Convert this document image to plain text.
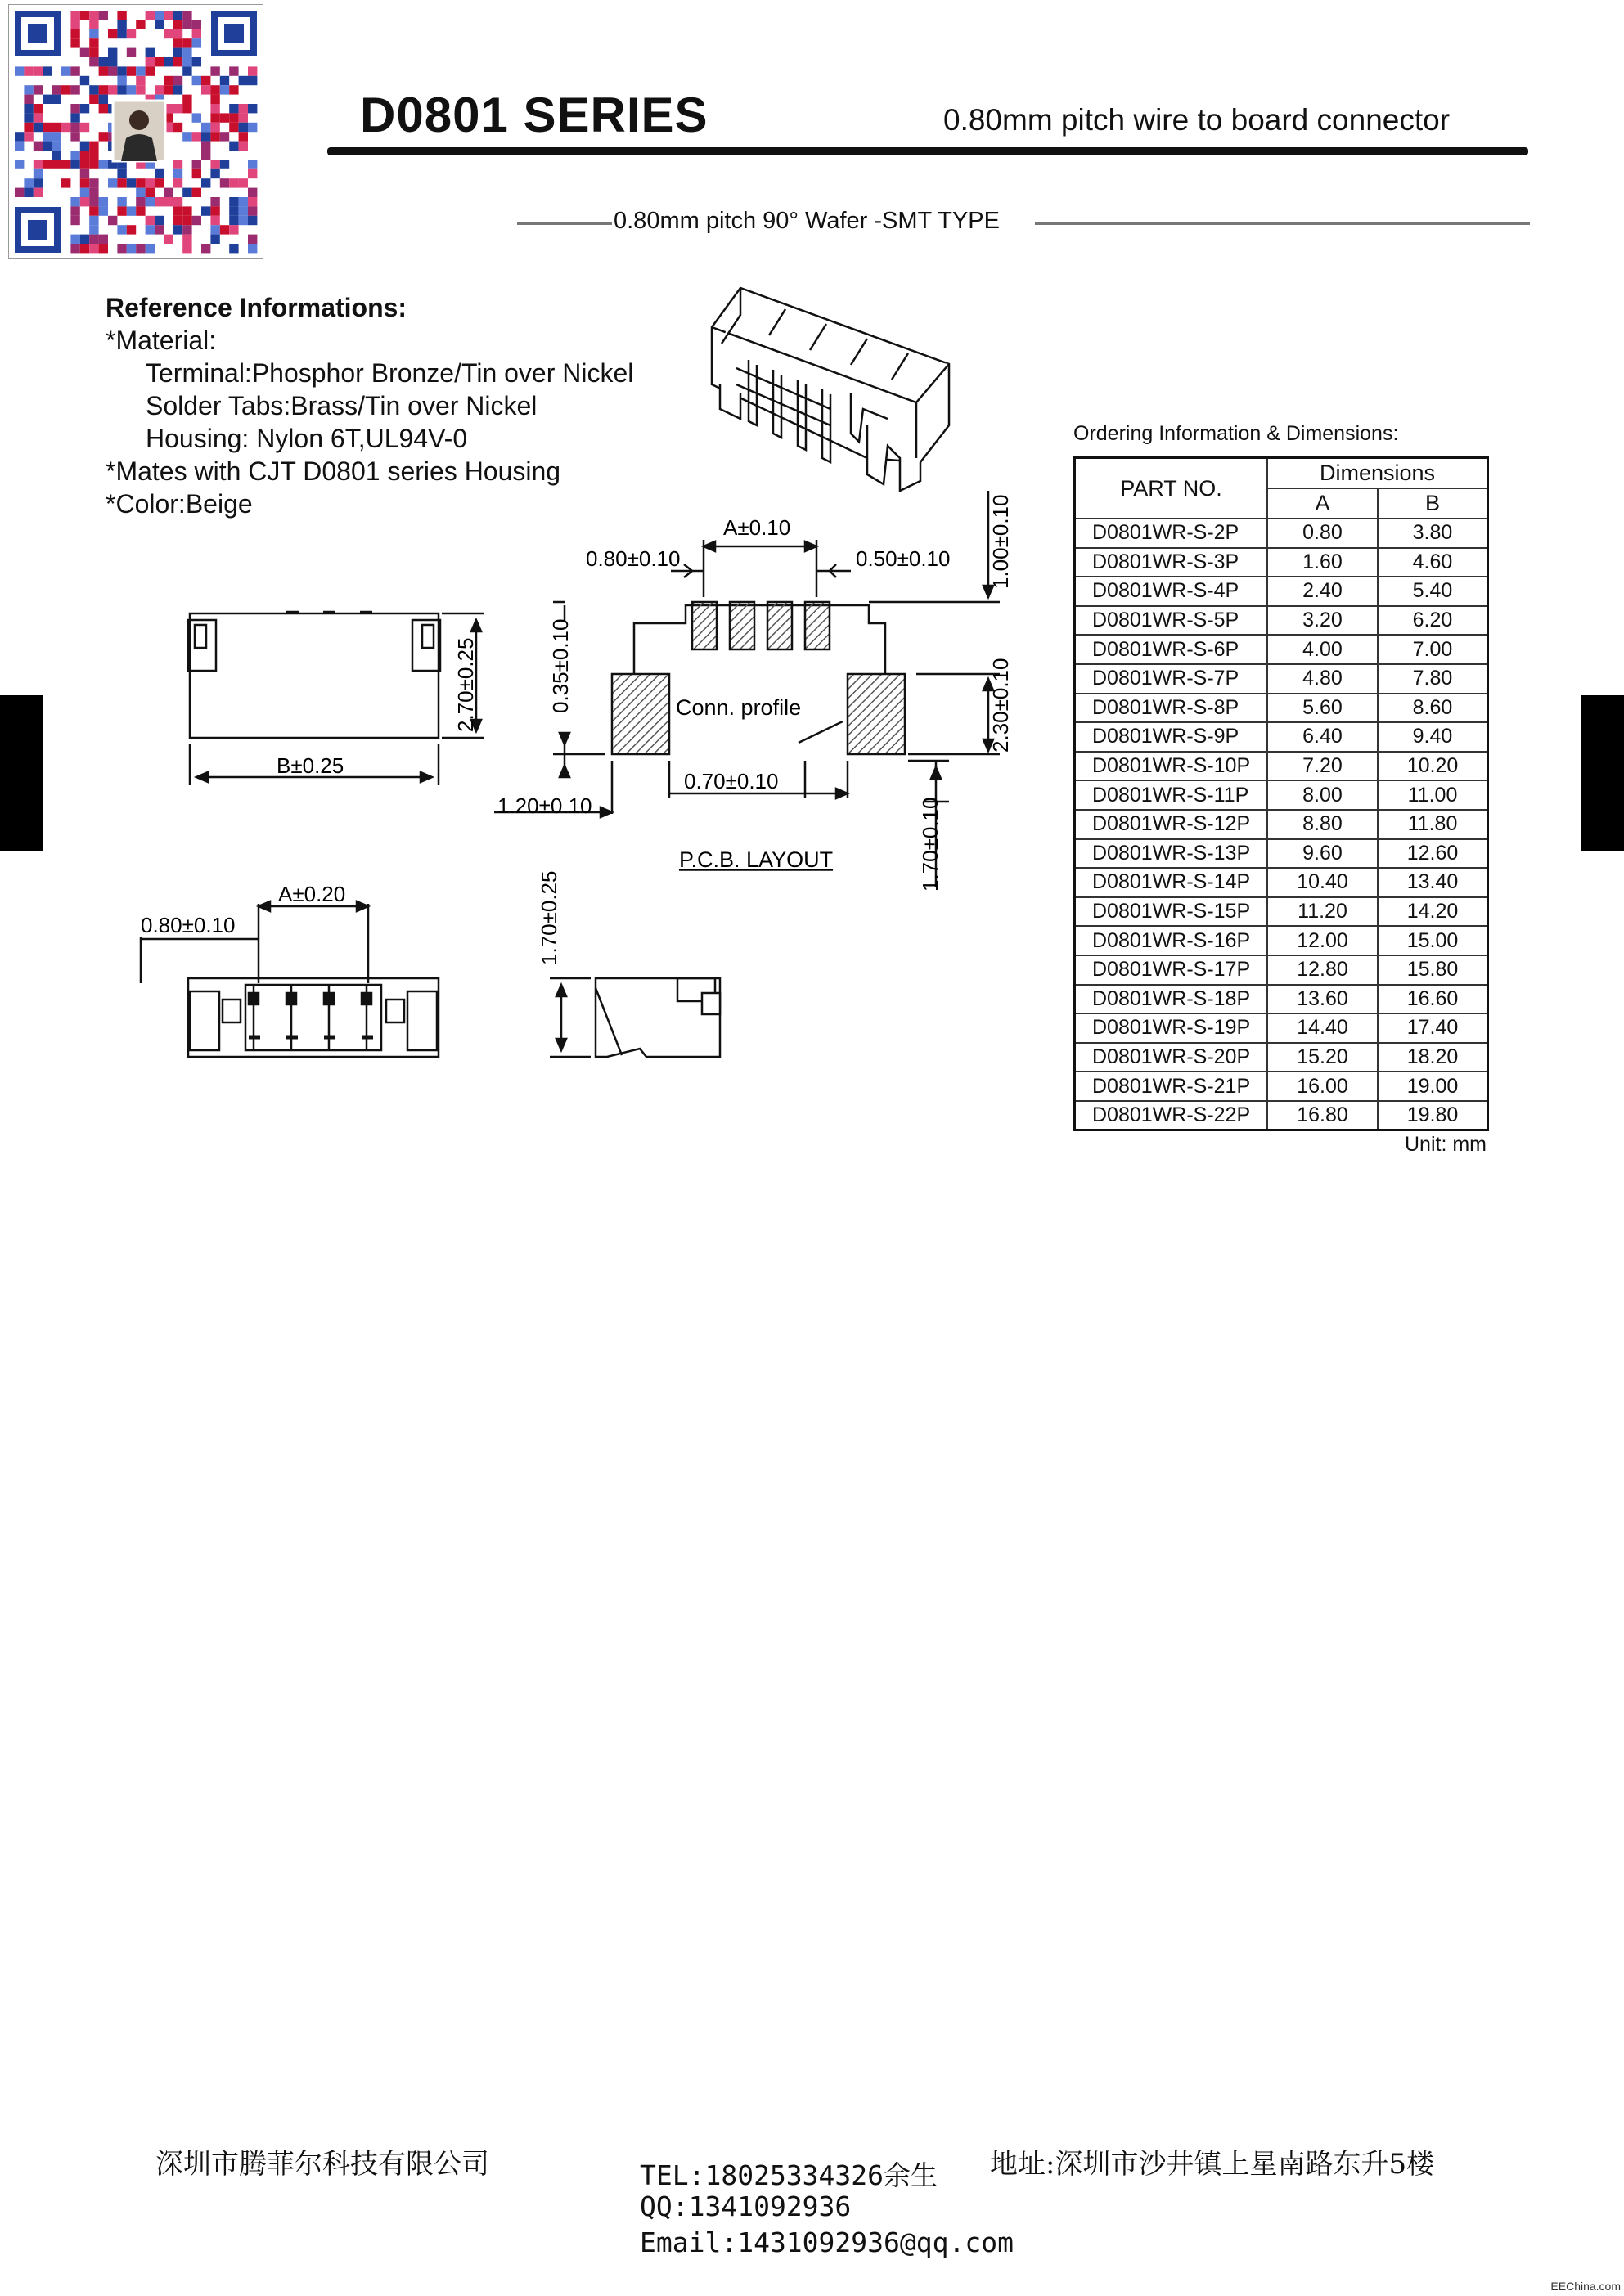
D0801 SERIES	0.80mm pitch wire to board connector
0.80mm pitch 90° Wafer -SMT TYPE
Reference Informations:
*Material:
Terminal:Phosphor Bronze/Tin over Nickel
Solder Tabs:Brass/Tin over Nickel
Housing: Nylon 6T,UL94V-0
*Mates with CJT D0801 series Housing
*Color:Beige
B±0.25
2.70±0.25
A±0.20
0.80±0.10	1.70±0.25
A±0.10
0.80±0.10	0.50±0.10
0.35±0.10
1.00±0.10
2.30±0.10
1.20±0.10
0.70±0.10
1.70±0.10
Conn. profile
P.C.B. LAYOUT
Ordering Information & Dimensions:
PART NO.	Dimensions	
	A	B
D0801WR-S-2P	0.80	3.80
D0801WR-S-3P	1.60	4.60
D0801WR-S-4P	2.40	5.40
D0801WR-S-5P	3.20	6.20
D0801WR-S-6P	4.00	7.00
D0801WR-S-7P	4.80	7.80
D0801WR-S-8P	5.60	8.60
D0801WR-S-9P	6.40	9.40
D0801WR-S-10P	7.20	10.20
D0801WR-S-11P	8.00	11.00
D0801WR-S-12P	8.80	11.80
D0801WR-S-13P	9.60	12.60
D0801WR-S-14P	10.40	13.40
D0801WR-S-15P	11.20	14.20
D0801WR-S-16P	12.00	15.00
D0801WR-S-17P	12.80	15.80
D0801WR-S-18P	13.60	16.60
D0801WR-S-19P	14.40	17.40
D0801WR-S-20P	15.20	18.20
D0801WR-S-21P	16.00	19.00
D0801WR-S-22P	16.80	19.80
Unit: mm
深圳市腾菲尔科技有限公司	地址:深圳市沙井镇上星南路东升5楼
TEL:18025334326余生
QQ:1341092936
Email:1431092936@qq.com
EEChina.com
